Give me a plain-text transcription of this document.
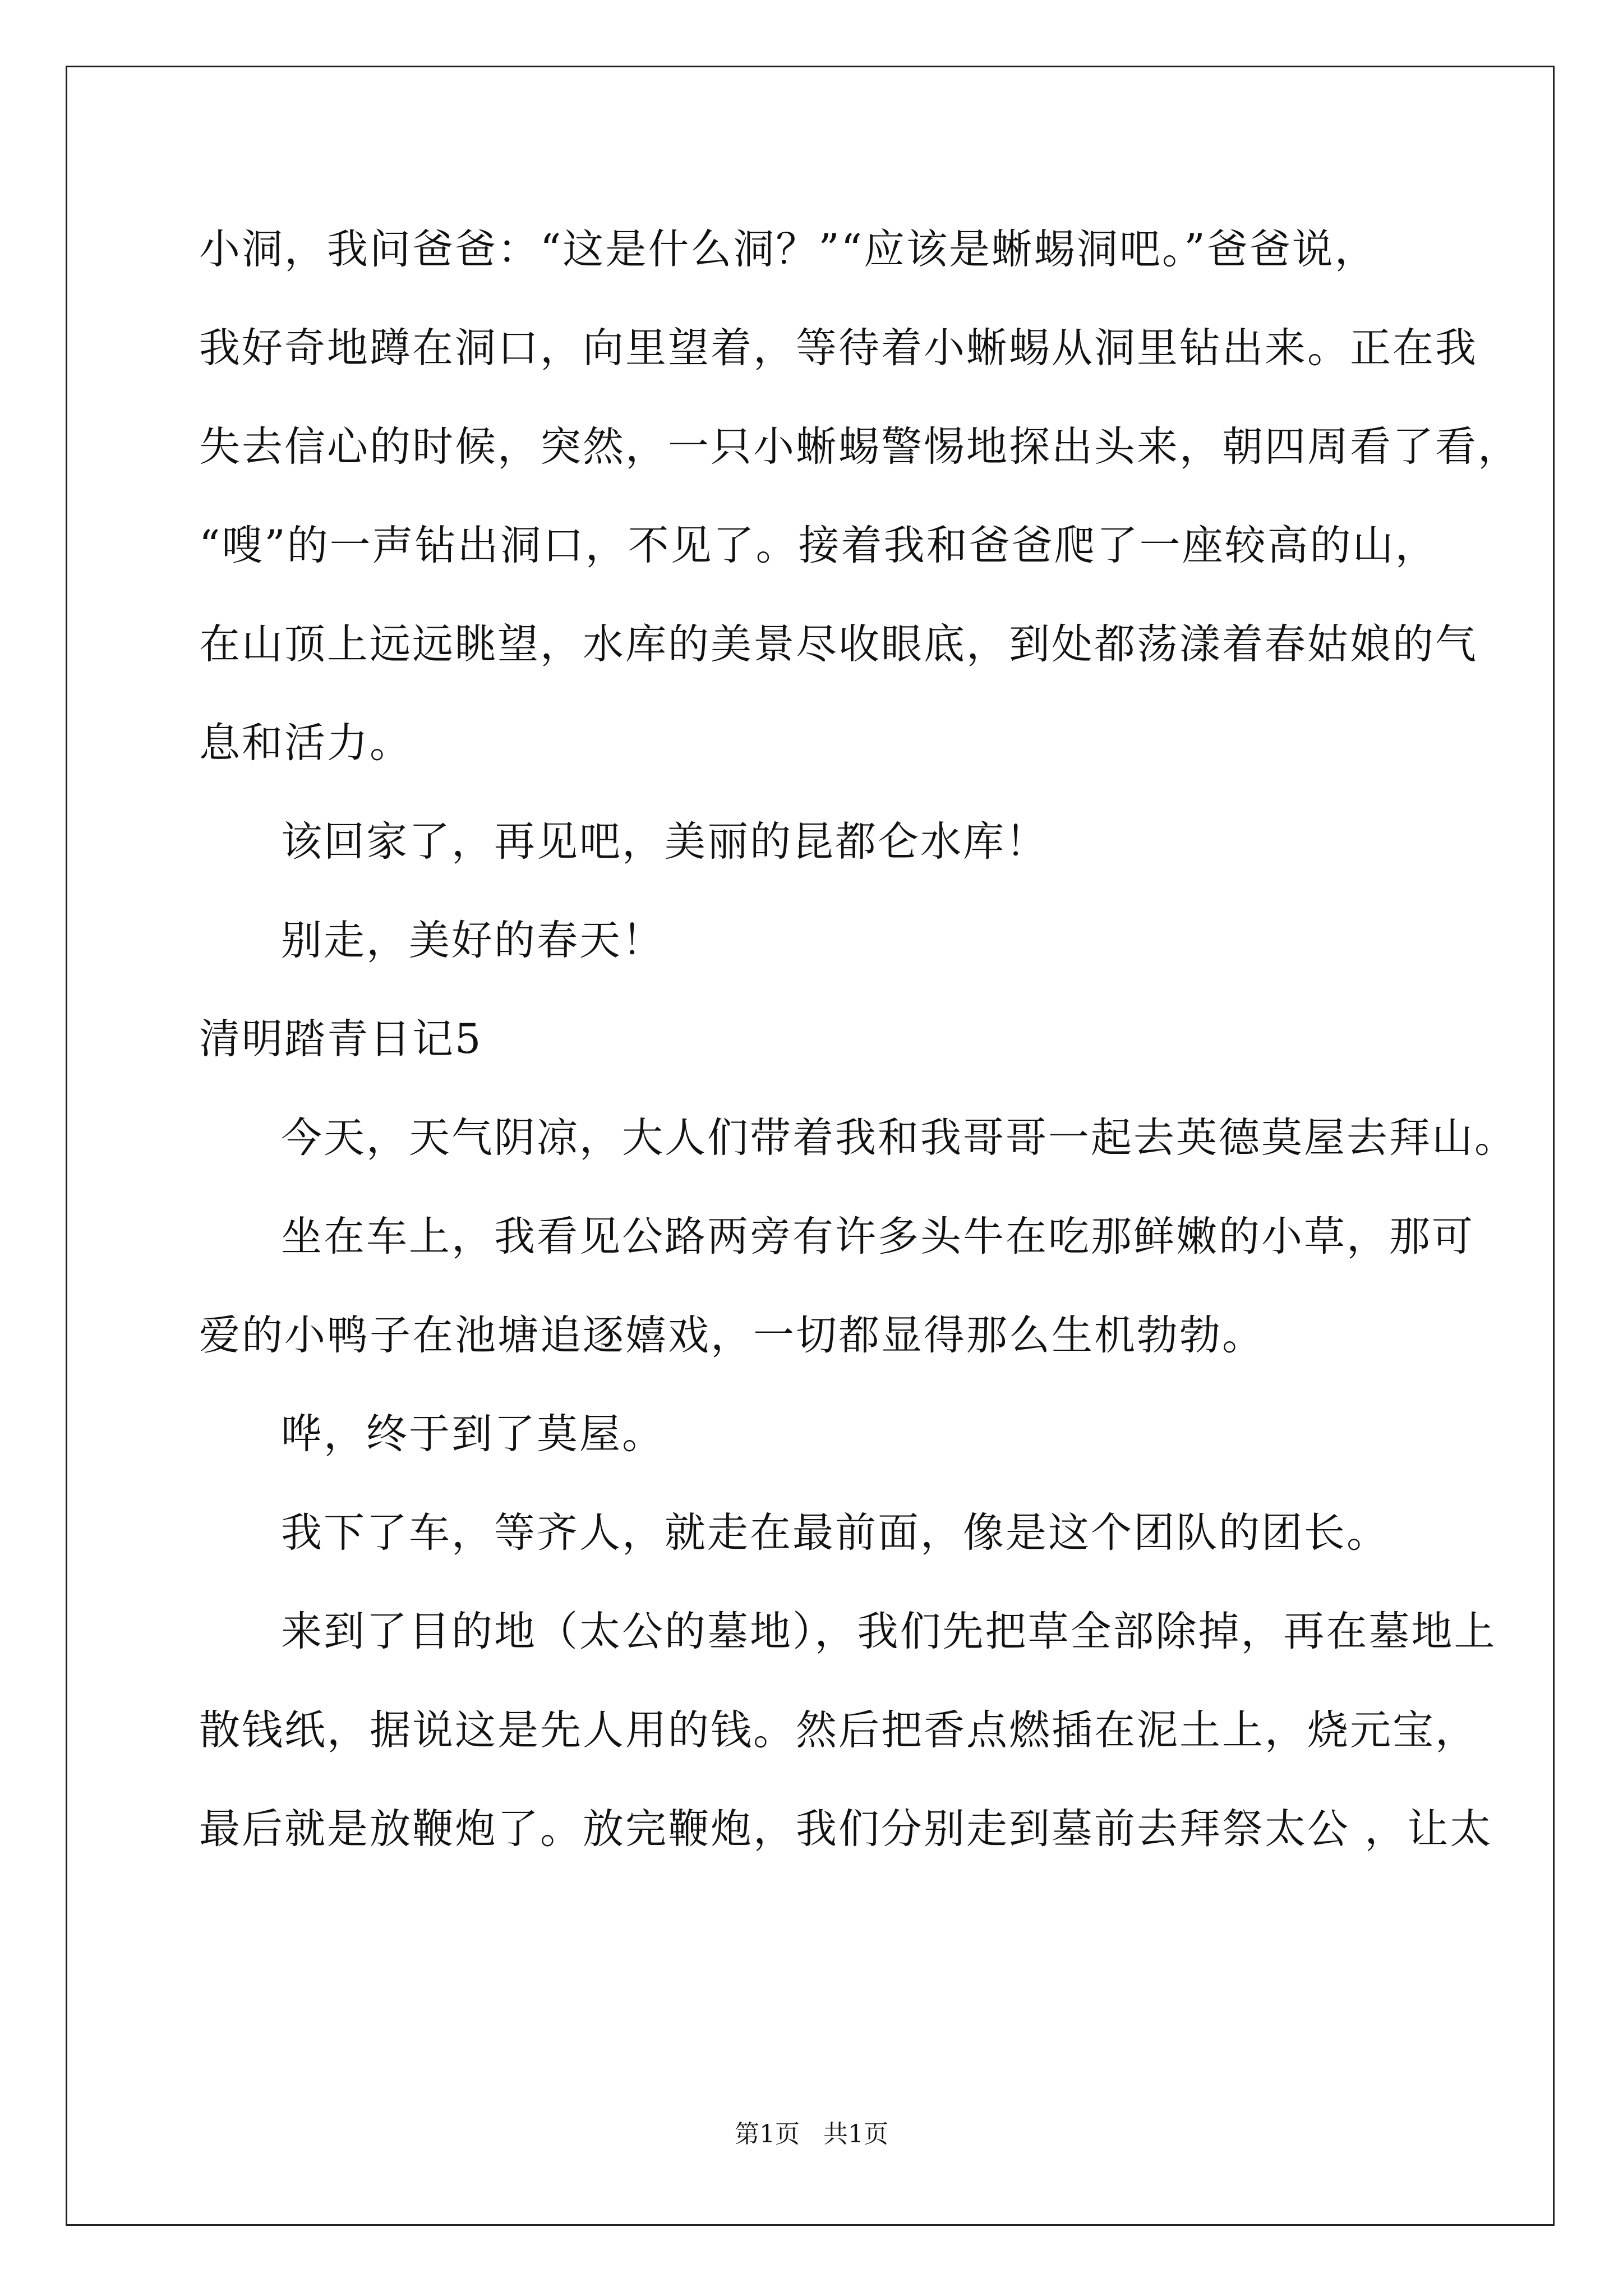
小洞，我问爸爸：“这是什么洞？”“应该是蜥蜴洞吧。”爸爸说，
我好奇地蹲在洞口，向里望着，等待着小蜥蜴从洞里钻出来。正在我
失去信心的时候，突然，一只小蜥蜴警惕地探出头来，朝四周看了看，
“嗖”的一声钻出洞口，不见了。接着我和爸爸爬了一座较高的山，
在山顶上远远眺望，水库的美景尽收眼底，到处都荡漾着春姑娘的气
息和活力。
该回家了，再见吧，美丽的昆都仑水库！
别走，美好的春天！
清明踏青日记5
今天，天气阴凉，大人们带着我和我哥哥一起去英德莫屋去拜山。
坐在车上，我看见公路两旁有许多头牛在吃那鲜嫩的小草，那可
爱的小鸭子在池塘追逐嬉戏，一切都显得那么生机勃勃。
哗，终于到了莫屋。
我下了车，等齐人，就走在最前面，像是这个团队的团长。
来到了目的地（太公的墓地），我们先把草全部除掉，再在墓地上
散钱纸，据说这是先人用的钱。然后把香点燃插在泥土上，烧元宝，
最后就是放鞭炮了。放完鞭炮，我们分别走到墓前去拜祭太公 ，让太
第1页 共1页
